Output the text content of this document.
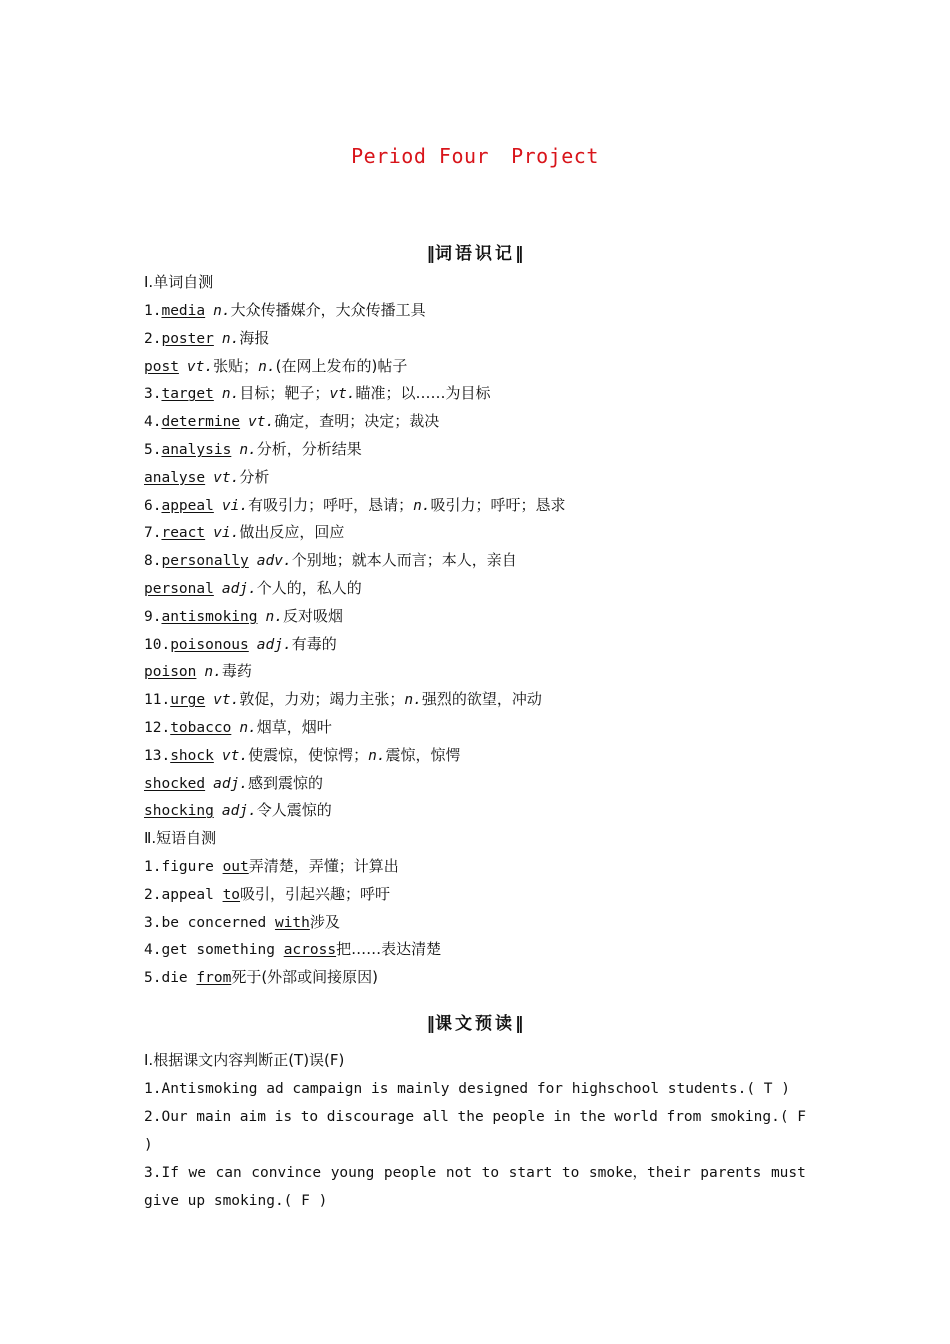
Period Four Project
‖词语识记‖
Ⅰ.单词自测
1.media n.大众传播媒介，大众传播工具
2.poster n.海报
post vt.张贴；n.(在网上发布的)帖子
3.target n.目标；靶子；vt.瞄准；以……为目标
4.determine vt.确定，查明；决定；裁决
5.analysis n.分析，分析结果
analyse vt.分析
6.appeal vi.有吸引力；呼吁，恳请；n.吸引力；呼吁；恳求
7.react vi.做出反应，回应
8.personally adv.个别地；就本人而言；本人，亲自
personal adj.个人的，私人的
9.antismoking n.反对吸烟
10.poisonous adj.有毒的
poison n.毒药
11.urge vt.敦促，力劝；竭力主张；n.强烈的欲望，冲动
12.tobacco n.烟草，烟叶
13.shock vt.使震惊，使惊愕；n.震惊，惊愕
shocked adj.感到震惊的
shocking adj.令人震惊的
Ⅱ.短语自测
1.figure out弄清楚，弄懂；计算出
2.appeal to吸引，引起兴趣；呼吁
3.be concerned with涉及
4.get something across把……表达清楚
5.die from死于(外部或间接原因)
‖课文预读‖
Ⅰ.根据课文内容判断正(T)误(F)
1.Antismoking ad campaign is mainly designed for highschool students.( T )
2.Our main aim is to discourage all the people in the world from smoking.( F
)
3.If we can convince young people not to start to smoke，their parents must
give up smoking.( F )
